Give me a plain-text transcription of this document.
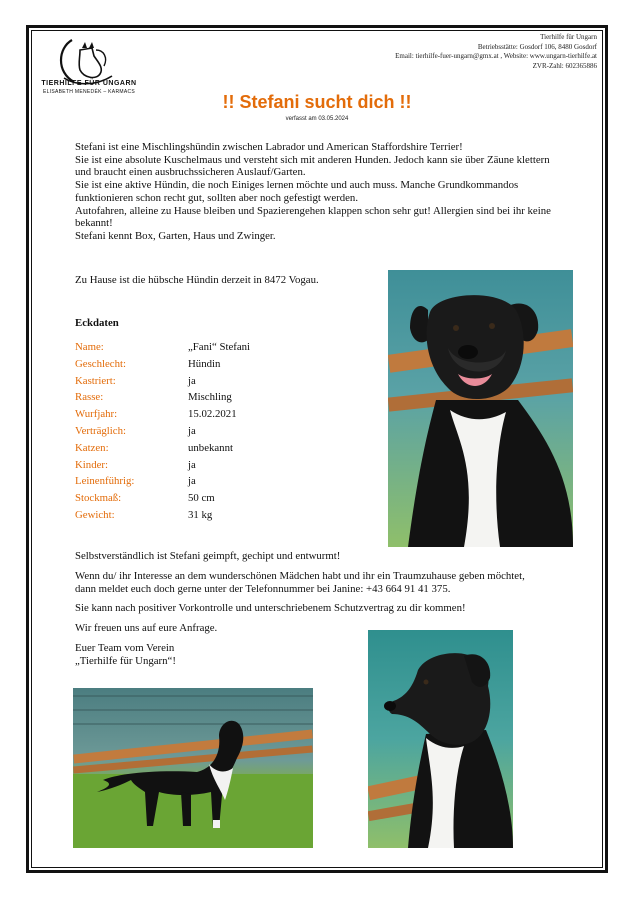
TIERHILFE FÜR UNGARN
ELISABETH MENEDÉK – KARMACS
Tierhilfe für Ungarn
Betriebsstätte: Gosdorf 106, 8480 Gosdorf
Email: tierhilfe-fuer-ungarn@gmx.at , Website: www.ungarn-tierhilfe.at
ZVR-Zahl: 602365886
!! Stefani sucht dich !!
verfasst am 03.05.2024

Stefani ist eine Mischlingshündin zwischen Labrador und American Staffordshire Terrier!

Sie ist eine absolute Kuschelmaus und versteht sich mit anderen Hunden. Jedoch kann sie über Zäune klettern und braucht einen ausbruchssicheren Auslauf/Garten.

Sie ist eine aktive Hündin, die noch Einiges lernen möchte und auch muss. Manche Grundkommandos funktionieren schon recht gut, sollten aber noch gefestigt werden.

Autofahren, alleine zu Hause bleiben und Spazierengehen klappen schon sehr gut! Allergien sind bei ihr keine bekannt!

Stefani kennt Box, Garten, Haus und Zwinger.

Zu Hause ist die hübsche Hündin derzeit in 8472 Vogau.
Eckdaten
Name:	„Fani“ Stefani
Geschlecht:	Hündin
Kastriert:	ja
Rasse:	Mischling
Wurfjahr:	15.02.2021
Verträglich:	ja
Katzen:	unbekannt
Kinder:	ja
Leinenführig:	ja
Stockmaß:	50 cm
Gewicht:	31 kg

Selbstverständlich ist Stefani geimpft, gechipt und entwurmt!

Wenn du/ ihr Interesse an dem wunderschönen Mädchen habt und ihr ein Traumzuhause geben möchtet, dann meldet euch doch gerne unter der Telefonnummer bei Janine: +43 664 91 41 375.

Sie kann nach positiver Vorkontrolle und unterschriebenem Schutzvertrag zu dir kommen!

Wir freuen uns auf eure Anfrage.

Euer Team vom Verein

„Tierhilfe für Ungarn“!
